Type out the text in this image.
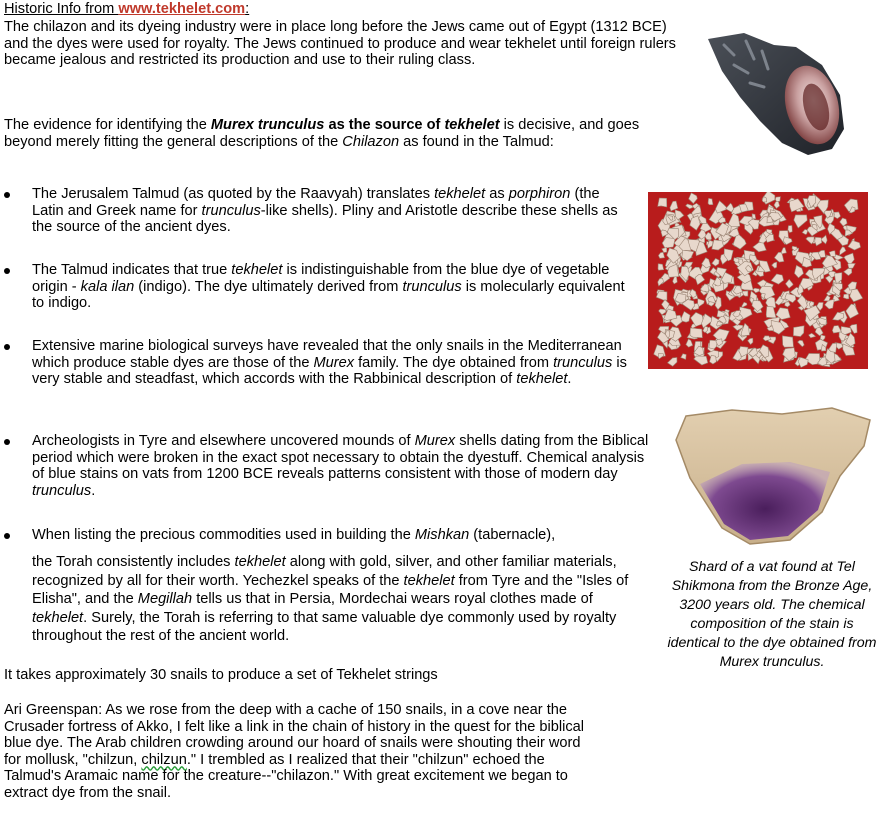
Historic Info from www.tekhelet.com:

The chilazon and its dyeing industry were in place long before the Jews came out of Egypt (1312 BCE) and the dyes were used for royalty. The Jews continued to produce and wear tekhelet until foreign rulers became jealous and restricted its production and use to their ruling class.

The evidence for identifying the Murex trunculus as the source of tekhelet is decisive, and goes beyond merely fitting the general descriptions of the Chilazon as found in the Talmud:

The Jerusalem Talmud (as quoted by the Raavyah) translates tekhelet as porphiron (the Latin and Greek name for trunculus-like shells). Pliny and Aristotle describe these shells as the source of the ancient dyes.
The Talmud indicates that true tekhelet is indistinguishable from the blue dye of vegetable origin - kala ilan (indigo). The dye ultimately derived from trunculus is molecularly equivalent to indigo.
Extensive marine biological surveys have revealed that the only snails in the Mediterranean which produce stable dyes are those of the Murex family. The dye obtained from trunculus is very stable and steadfast, which accords with the Rabbinical description of tekhelet.
Archeologists in Tyre and elsewhere uncovered mounds of Murex shells dating from the Biblical period which were broken in the exact spot necessary to obtain the dyestuff. Chemical analysis of blue stains on vats from 1200 BCE reveals patterns consistent with those of modern day trunculus.
When listing the precious commodities used in building the Mishkan (tabernacle),

the Torah consistently includes tekhelet along with gold, silver, and other familiar materials, recognized by all for their worth. Yechezkel speaks of the tekhelet from Tyre and the "Isles of Elisha", and the Megillah tells us that in Persia, Mordechai wears royal clothes made of tekhelet. Surely, the Torah is referring to that same valuable dye commonly used by royalty throughout the rest of the ancient world.

It takes approximately 30 snails to produce a set of Tekhelet strings

Ari Greenspan: As we rose from the deep with a cache of 150 snails, in a cove near the Crusader fortress of Akko, I felt like a link in the chain of history in the quest for the biblical blue dye. The Arab children crowding around our hoard of snails were shouting their word for mollusk, "chilzun, chilzun." I trembled as I realized that their "chilzun" echoed the Talmud's Aramaic name for the creature--"chilazon." With great excitement we began to extract dye from the snail.

Shard of a vat found at Tel Shikmona from the Bronze Age, 3200 years old. The chemical composition of the stain is identical to the dye obtained from Murex trunculus.
